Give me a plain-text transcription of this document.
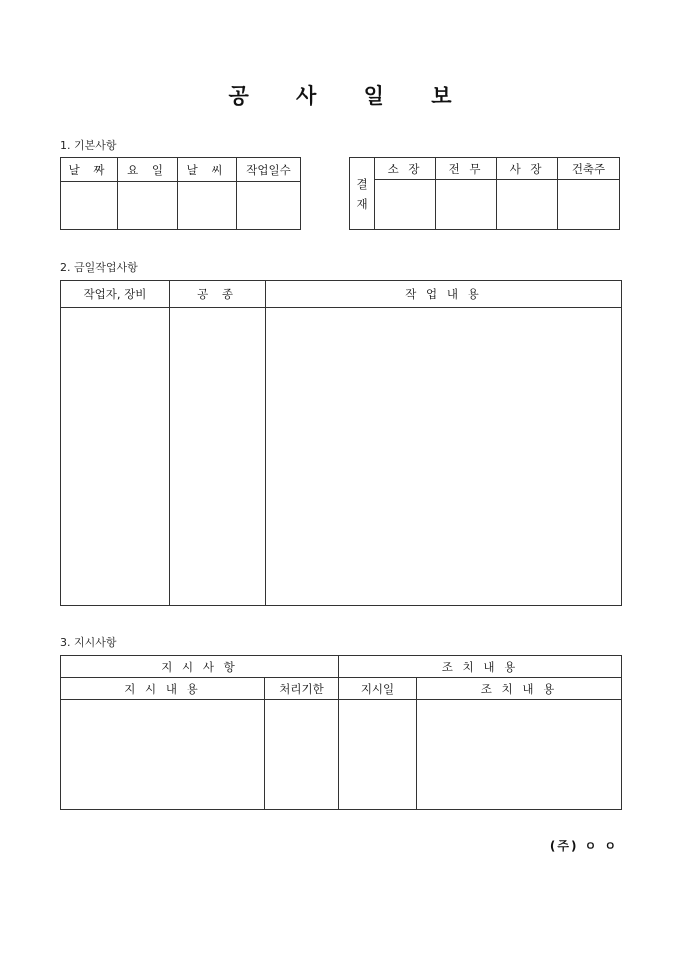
공 사 일 보
1. 기본사항
날 짜	요 일	날 씨	작업일수

결
재	소 장	전 무	사 장	건축주

2. 금일작업사항
작업자, 장비	공 종	작 업 내 용

3. 지시사항
지 시 사 항		조 치 내 용	
지 시 내 용	처리기한	지시일	조 치 내 용

(주) ㅇ ㅇ
